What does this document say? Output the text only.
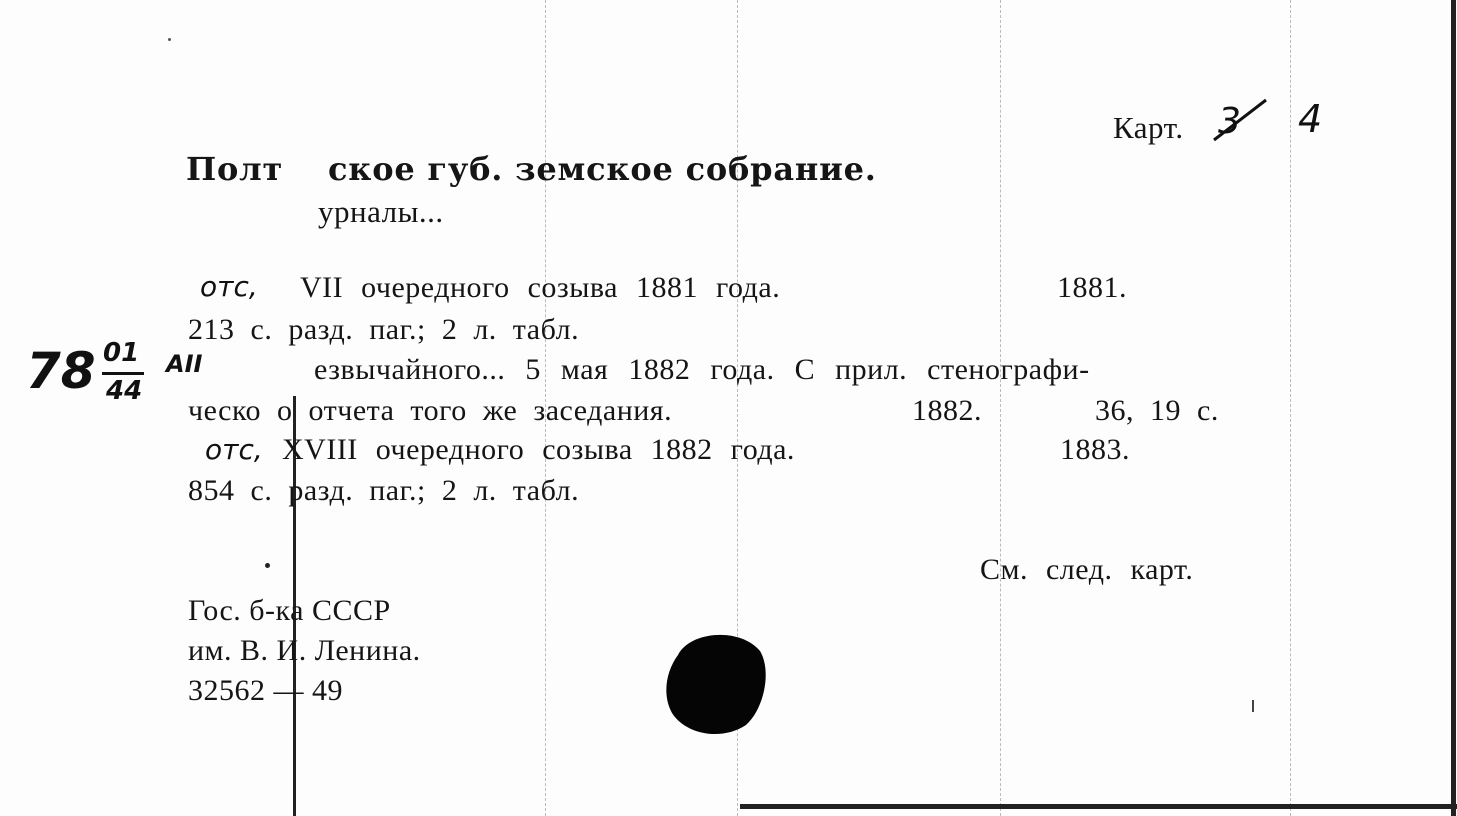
Карт. 3 4
Полт ское губ. земское собрание.
урналы...
отс, VII очередного созыва 1881 года.	1881.
213 с. разд. паг.; 2 л. табл.
езвычайного... 5 мая 1882 года. С прил. стенографи-
ческо о отчета того же заседания.	1882.	36, 19 с.
отс, XVIII очередного созыва 1882 года.	1883.
854 с. разд. паг.; 2 л. табл.
78 01
44
АII
См. след. карт.
Гос. б-ка СССР
им. В. И. Ленина.
32562 — 49
